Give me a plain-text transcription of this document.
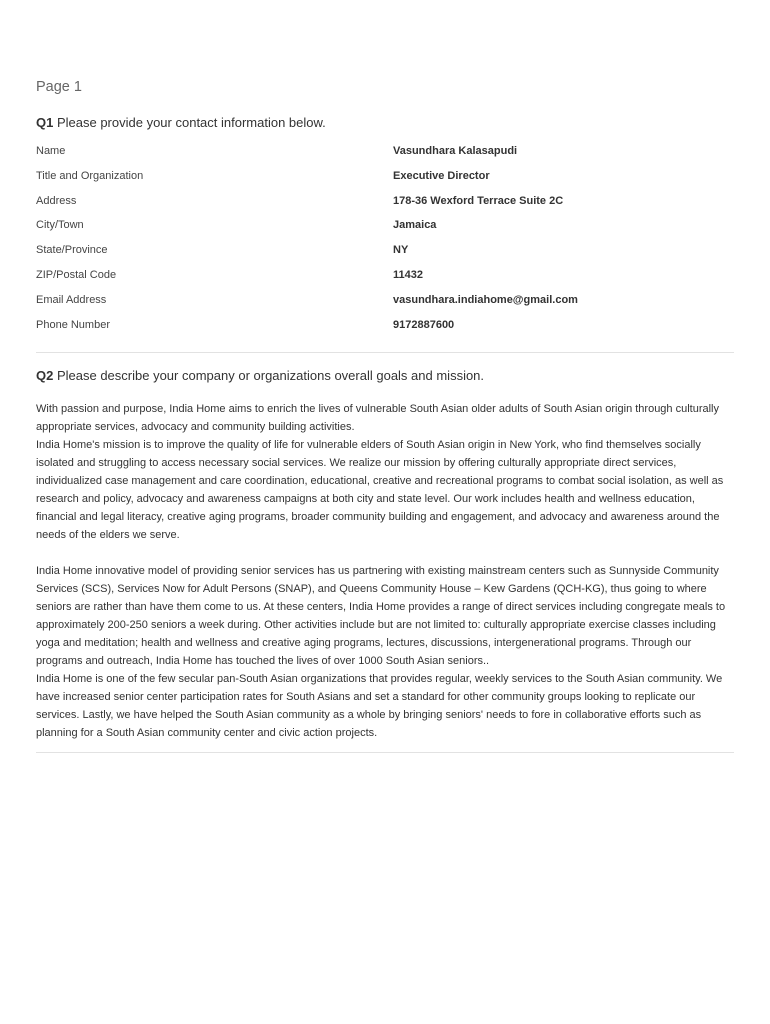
Page 1
Q1 Please provide your contact information below.
Name	Vasundhara Kalasapudi
Title and Organization	Executive Director
Address	178-36 Wexford Terrace Suite 2C
City/Town	Jamaica
State/Province	NY
ZIP/Postal Code	11432
Email Address	vasundhara.indiahome@gmail.com
Phone Number	9172887600
Q2 Please describe your company or organizations overall goals and mission.

With passion and purpose, India Home aims to enrich the lives of vulnerable South Asian older adults of South Asian origin through culturally appropriate services, advocacy and community building activities.

India Home's mission is to improve the quality of life for vulnerable elders of South Asian origin in New York, who find themselves socially isolated and struggling to access necessary social services. We realize our mission by offering culturally appropriate direct services, individualized case management and care coordination, educational, creative and recreational programs to combat social isolation, as well as research and policy, advocacy and awareness campaigns at both city and state level. Our work includes health and wellness education, financial and legal literacy, creative aging programs, broader community building and engagement, and advocacy and awareness around the needs of the elders we serve.

India Home innovative model of providing senior services has us partnering with existing mainstream centers such as Sunnyside Community Services (SCS), Services Now for Adult Persons (SNAP), and Queens Community House – Kew Gardens (QCH-KG), thus going to where seniors are rather than have them come to us. At these centers, India Home provides a range of direct services including congregate meals to approximately 200-250 seniors a week during. Other activities include but are not limited to: culturally appropriate exercise classes including yoga and meditation; health and wellness and creative aging programs, lectures, discussions, intergenerational programs. Through our programs and outreach, India Home has touched the lives of over 1000 South Asian seniors..

India Home is one of the few secular pan-South Asian organizations that provides regular, weekly services to the South Asian community. We have increased senior center participation rates for South Asians and set a standard for other community groups looking to replicate our services. Lastly, we have helped the South Asian community as a whole by bringing seniors' needs to fore in collaborative efforts such as planning for a South Asian community center and civic action projects.
